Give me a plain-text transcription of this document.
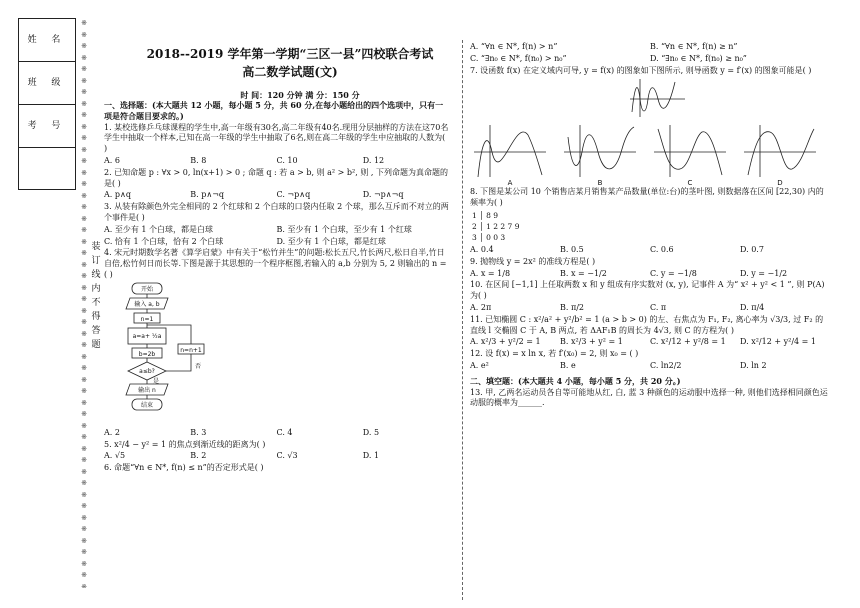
姓 名
班 级
考 号
※
※
※
※
※
※
※
※
※
※
※
※
※
※
※
※
※
※
※
※
※
※
※
※
※
※
※
※
※
※
※
※
※
※
※
※
※
※
※
※
※
※
※
※
※
※
※
※
※
※
装
订
线
内
不
得
答
题
2018--2019 学年第一学期“三区一县”四校联合考试
高二数学试题(文)
时 间：120 分钟 满 分：150 分

一、选择题：(本大题共 12 小题，每小题 5 分，共 60 分,在每小题给出的四个选项中，只有一项是符合题目要求的。)

1. 某校选修乒乓球课程的学生中,高一年级有30名,高二年级有40名.现用分层抽样的方法在这70名学生中抽取一个样本,已知在高一年级的学生中抽取了6名,则在高二年级的学生中应抽取的人数为( )

A. 6	B. 8	C. 10	D. 12

2. 已知命题 p : ∀x > 0, ln(x+1) > 0 ; 命题 q : 若 a > b, 则 a² > b², 则 , 下列命题为真命题的是( )

A. p∧q	B. p∧¬q	C. ¬p∧q	D. ¬p∧¬q

3. 从装有除颜色外完全相同的 2 个红球和 2 个白球的口袋内任取 2 个球，那么互斥而不对立的两个事件是( )

A. 至少有 1 个白球，都是白球	B. 至少有 1 个白球，至少有 1 个红球
C. 恰有 1 个白球，恰有 2 个白球	D. 至少有 1 个白球，都是红球

4. 宋元时期数学名著《算学启蒙》中有关于“松竹并生”的问题:松长五尺,竹长两尺,松日自半,竹日自倍,松竹何日而长等.下图是源于其思想的一个程序框图,若输入的 a,b 分别为 5, 2 则输出的 n = ( )

开始
输入 a, b
n=1
a=a+ ½a
b=2b
a≤b?
是
否
n=n+1
输出 n
结束
A. 2	B. 3	C. 4	D. 5

5. x²/4 − y² = 1 的焦点到渐近线的距离为( )

A. √5	B. 2	C. √3	D. 1

6. 命题“∀n ∈ N*, f(n) ≤ n”的否定形式是( )

A. “∀n ∈ N*, f(n) > n”	B. “∀n ∈ N*, f(n) ≥ n”
C. “∃n₀ ∈ N*, f(n₀) > n₀”	D. “∃n₀ ∈ N*, f(n₀) ≥ n₀”

7. 设函数 f(x) 在定义域内可导, y = f(x) 的图象如下图所示, 则导函数 y = f′(x) 的图象可能是( )

A	B	C	D

8. 下图是某公司 10 个销售店某月销售某产品数量(单位:台)的茎叶图, 则数据落在区间 [22,30) 内的频率为( )

1 │ 8 9
2 │ 1 2 2 7 9
3 │ 0 0 3
A. 0.4	B. 0.5	C. 0.6	D. 0.7

9. 抛物线 y = 2x² 的准线方程是( )

A. x = 1/8	B. x = −1/2	C. y = −1/8	D. y = −1/2

10. 在区间 [−1,1] 上任取两数 x 和 y 组成有序实数对 (x, y), 记事件 A 为“ x² + y² < 1 ”, 则 P(A) 为( )

A. 2π	B. π/2	C. π	D. π/4

11. 已知椭圆 C : x²/a² + y²/b² = 1 (a > b > 0) 的左、右焦点为 F₁, F₂, 离心率为 √3/3, 过 F₂ 的直线 l 交椭圆 C 于 A, B 两点, 若 ΔAF₁B 的周长为 4√3, 则 C 的方程为( )

A. x²/3 + y²/2 = 1	B. x²/3 + y² = 1	C. x²/12 + y²/8 = 1	D. x²/12 + y²/4 = 1

12. 设 f(x) = x ln x, 若 f′(x₀) = 2, 则 x₀ = ( )

A. e²	B. e	C. ln2/2	D. ln 2

二、填空题：(本大题共 4 小题，每小题 5 分，共 20 分。)

13. 甲, 乙两名运动员各自等可能地从红, 白, 蓝 3 种颜色的运动服中选择一种, 则他们选择相同颜色运动服的概率为______.
